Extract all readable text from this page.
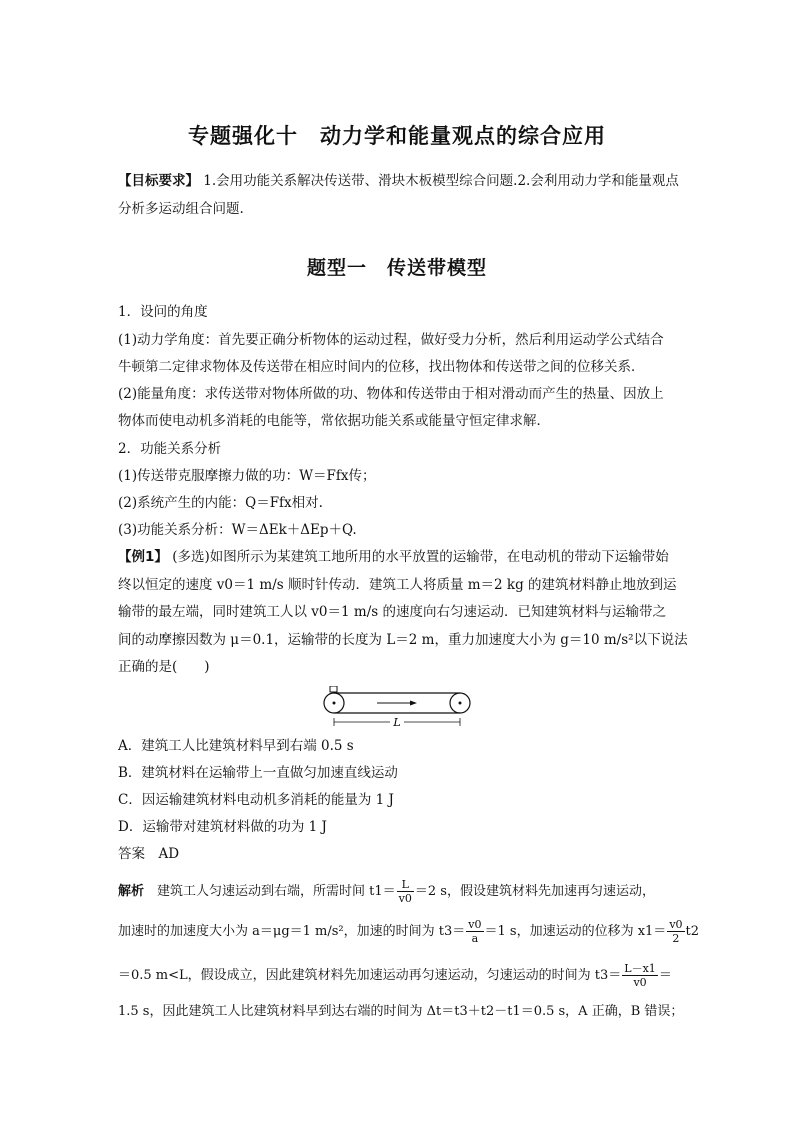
专题强化十　动力学和能量观点的综合应用
【目标要求】 1.会用功能关系解决传送带、滑块木板模型综合问题.2.会利用动力学和能量观点
分析多运动组合问题.
题型一　传送带模型
1．设问的角度
(1)动力学角度：首先要正确分析物体的运动过程，做好受力分析，然后利用运动学公式结合
牛顿第二定律求物体及传送带在相应时间内的位移，找出物体和传送带之间的位移关系．
(2)能量角度：求传送带对物体所做的功、物体和传送带由于相对滑动而产生的热量、因放上
物体而使电动机多消耗的电能等，常依据功能关系或能量守恒定律求解．
2．功能关系分析
(1)传送带克服摩擦力做的功：W＝Ffx传；
(2)系统产生的内能：Q＝Ffx相对.
(3)功能关系分析：W＝ΔEk＋ΔEp＋Q.
【例1】 (多选)如图所示为某建筑工地所用的水平放置的运输带，在电动机的带动下运输带始
终以恒定的速度 v0＝1 m/s 顺时针传动．建筑工人将质量 m＝2 kg 的建筑材料静止地放到运
输带的最左端，同时建筑工人以 v0＝1 m/s 的速度向右匀速运动．已知建筑材料与运输带之
间的动摩擦因数为 μ＝0.1，运输带的长度为 L＝2 m，重力加速度大小为 g＝10 m/s²以下说法
正确的是(　　)
L
A．建筑工人比建筑材料早到右端 0.5 s
B．建筑材料在运输带上一直做匀加速直线运动
C．因运输建筑材料电动机多消耗的能量为 1 J
D．运输带对建筑材料做的功为 1 J
答案　AD
解析　建筑工人匀速运动到右端，所需时间 $t1= \frac{L}{v0} =2$ s，假设建筑材料先加速再匀速运动，
加速时的加速度大小为 a＝μg＝1 m/s²，加速的时间为 $t3= \frac{v0}{a} =1$ s，加速运动的位移为 $x1= \frac{v0}{2} t2$
＝0.5 m<L，假设成立，因此建筑材料先加速运动再匀速运动，匀速运动的时间为 $t3= \frac{L-x1}{v0}$ ＝
1.5 s，因此建筑工人比建筑材料早到达右端的时间为 Δt＝t3＋t2－t1＝0.5 s，A 正确，B 错误；
